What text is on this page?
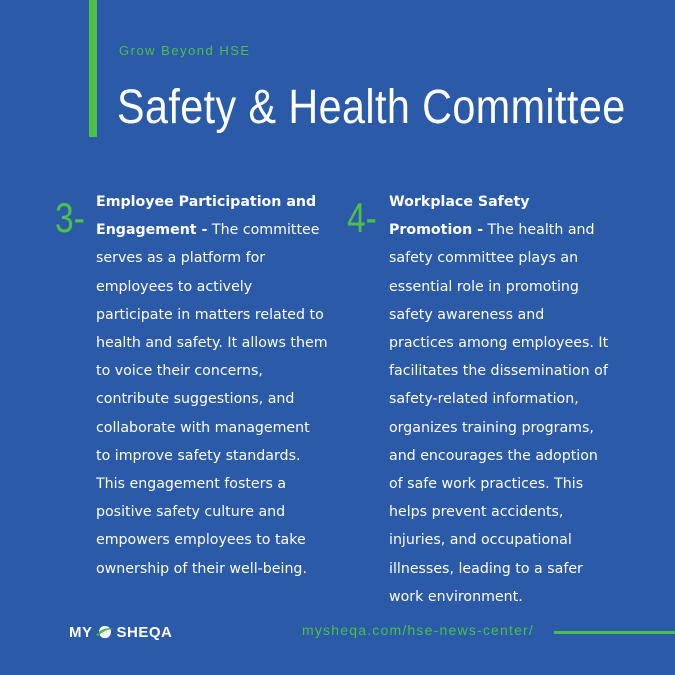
Grow Beyond HSE
Safety & Health Committee
3- Employee Participation and Engagement - The committee serves as a platform for employees to actively participate in matters related to health and safety. It allows them to voice their concerns, contribute suggestions, and collaborate with management to improve safety standards. This engagement fosters a positive safety culture and empowers employees to take ownership of their well-being.
4- Workplace Safety Promotion - The health and safety committee plays an essential role in promoting safety awareness and practices among employees. It facilitates the dissemination of safety-related information, organizes training programs, and encourages the adoption of safe work practices. This helps prevent accidents, injuries, and occupational illnesses, leading to a safer work environment.
MY SHEQA	mysheqa.com/hse-news-center/
